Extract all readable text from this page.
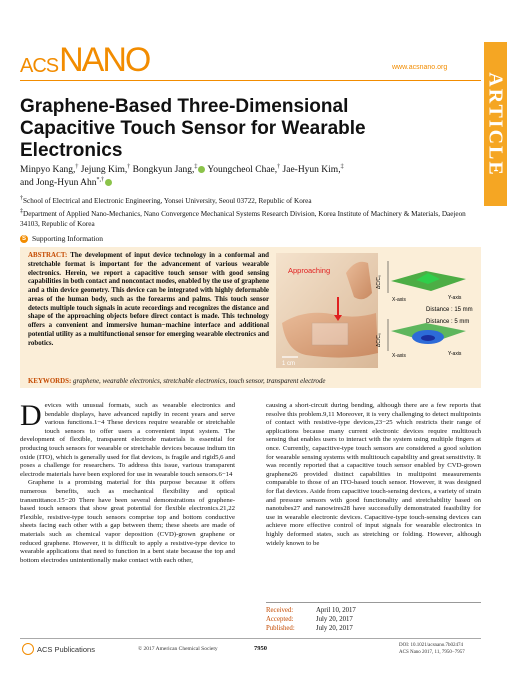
ACS NANO	www.acsnano.org
ARTICLE
Graphene-Based Three-Dimensional Capacitive Touch Sensor for Wearable Electronics
Minpyo Kang,† Jejung Kim,† Bongkyun Jang,‡ Youngcheol Chae,† Jae-Hyun Kim,‡
and Jong-Hyun Ahn*,†

†School of Electrical and Electronic Engineering, Yonsei University, Seoul 03722, Republic of Korea

‡Department of Applied Nano-Mechanics, Nano Convergence Mechanical Systems Research Division, Korea Institute of Machinery & Materials, Daejeon 34103, Republic of Korea

S Supporting Information
ABSTRACT: The development of input device technology in a conformal and stretchable format is important for the advancement of various wearable electronics. Herein, we report a capacitive touch sensor with good sensing capabilities in both contact and noncontact modes, enabled by the use of graphene and a thin device geometry. This device can be integrated with highly deformable areas of the human body, such as the forearms and palms. This touch sensor detects multiple touch signals in acute recordings and recognizes the distance and shape of the approaching objects before direct contact is made. This technology offers a convenient and immersive human−machine interface and additional potential utility as a multifunctional sensor for emerging wearable electronics and robotics.
Approaching
1 cm
ΔC/C₀
X-axis	Y-axis
Distance : 15 mm
ΔC/C₀
X-axis	Y-axis
Distance : 5 mm
KEYWORDS: graphene, wearable electronics, stretchable electronics, touch sensor, transparent electrode

Devices with unusual formats, such as wearable electronics and bendable displays, have advanced rapidly in recent years and serve various functions.1−4 These devices require wearable or stretchable touch sensors to offer users a convenient input system. The development of flexible, transparent electrode materials is essential for producing touch sensors for wearable or stretchable devices because indium tin oxide (ITO), which is generally used for flat devices, is fragile and rigid5,6 and poses a challenge for researchers. To address this issue, various transparent electrode materials have been explored for use in wearable touch sensors.6−14

Graphene is a promising material for this purpose because it offers numerous benefits, such as mechanical flexibility and optical transmittance.15−20 There have been several demonstrations of graphene-based touch sensors that show great potential for flexible electronics.21,22 Flexible, resistive-type touch sensors comprise top and bottom conductive sheets facing each other with a gap between them; these sheets are made of materials such as chemical vapor deposition (CVD)-grown graphene or reduced graphene. However, it is difficult to apply a resistive-type device to wearable applications that need to function in a bent state because the top and bottom electrodes unintentionally make contact with each other,

causing a short-circuit during bending, although there are a few reports that resolve this problem.9,11 Moreover, it is very challenging to detect multipoints of contact with resistive-type devices,23−25 which restricts their range of applications because many current electronic devices require multitouch sensing that enables users to interact with the system using multiple fingers at once. Currently, capacitive-type touch sensors are considered a good solution for wearable sensing systems with multitouch capability and great sensitivity. It was recently reported that a capacitive touch sensor enabled by CVD-grown graphene26 provided distinct capabilities in multipoint measurements comparable to those of an ITO-based touch sensor. However, it was designed for flat devices. Aside from capacitive touch-sensing devices, a variety of strain and pressure sensors with good functionality and stretchability based on nanotubes27 and nanowires28 have successfully demonstrated feasibility for use in wearable electronic devices. Capacitive-type touch-sensing devices can achieve more effective control of input signals for wearable electronics in highly deformed states, such as stretching or folding. However, although widely known to be

Received:	April 10, 2017
Accepted:	July 20, 2017
Published:	July 20, 2017
ACS Publications	© 2017 American Chemical Society	7950	DOI: 10.1021/acsnano.7b02474
ACS Nano 2017, 11, 7950−7957
